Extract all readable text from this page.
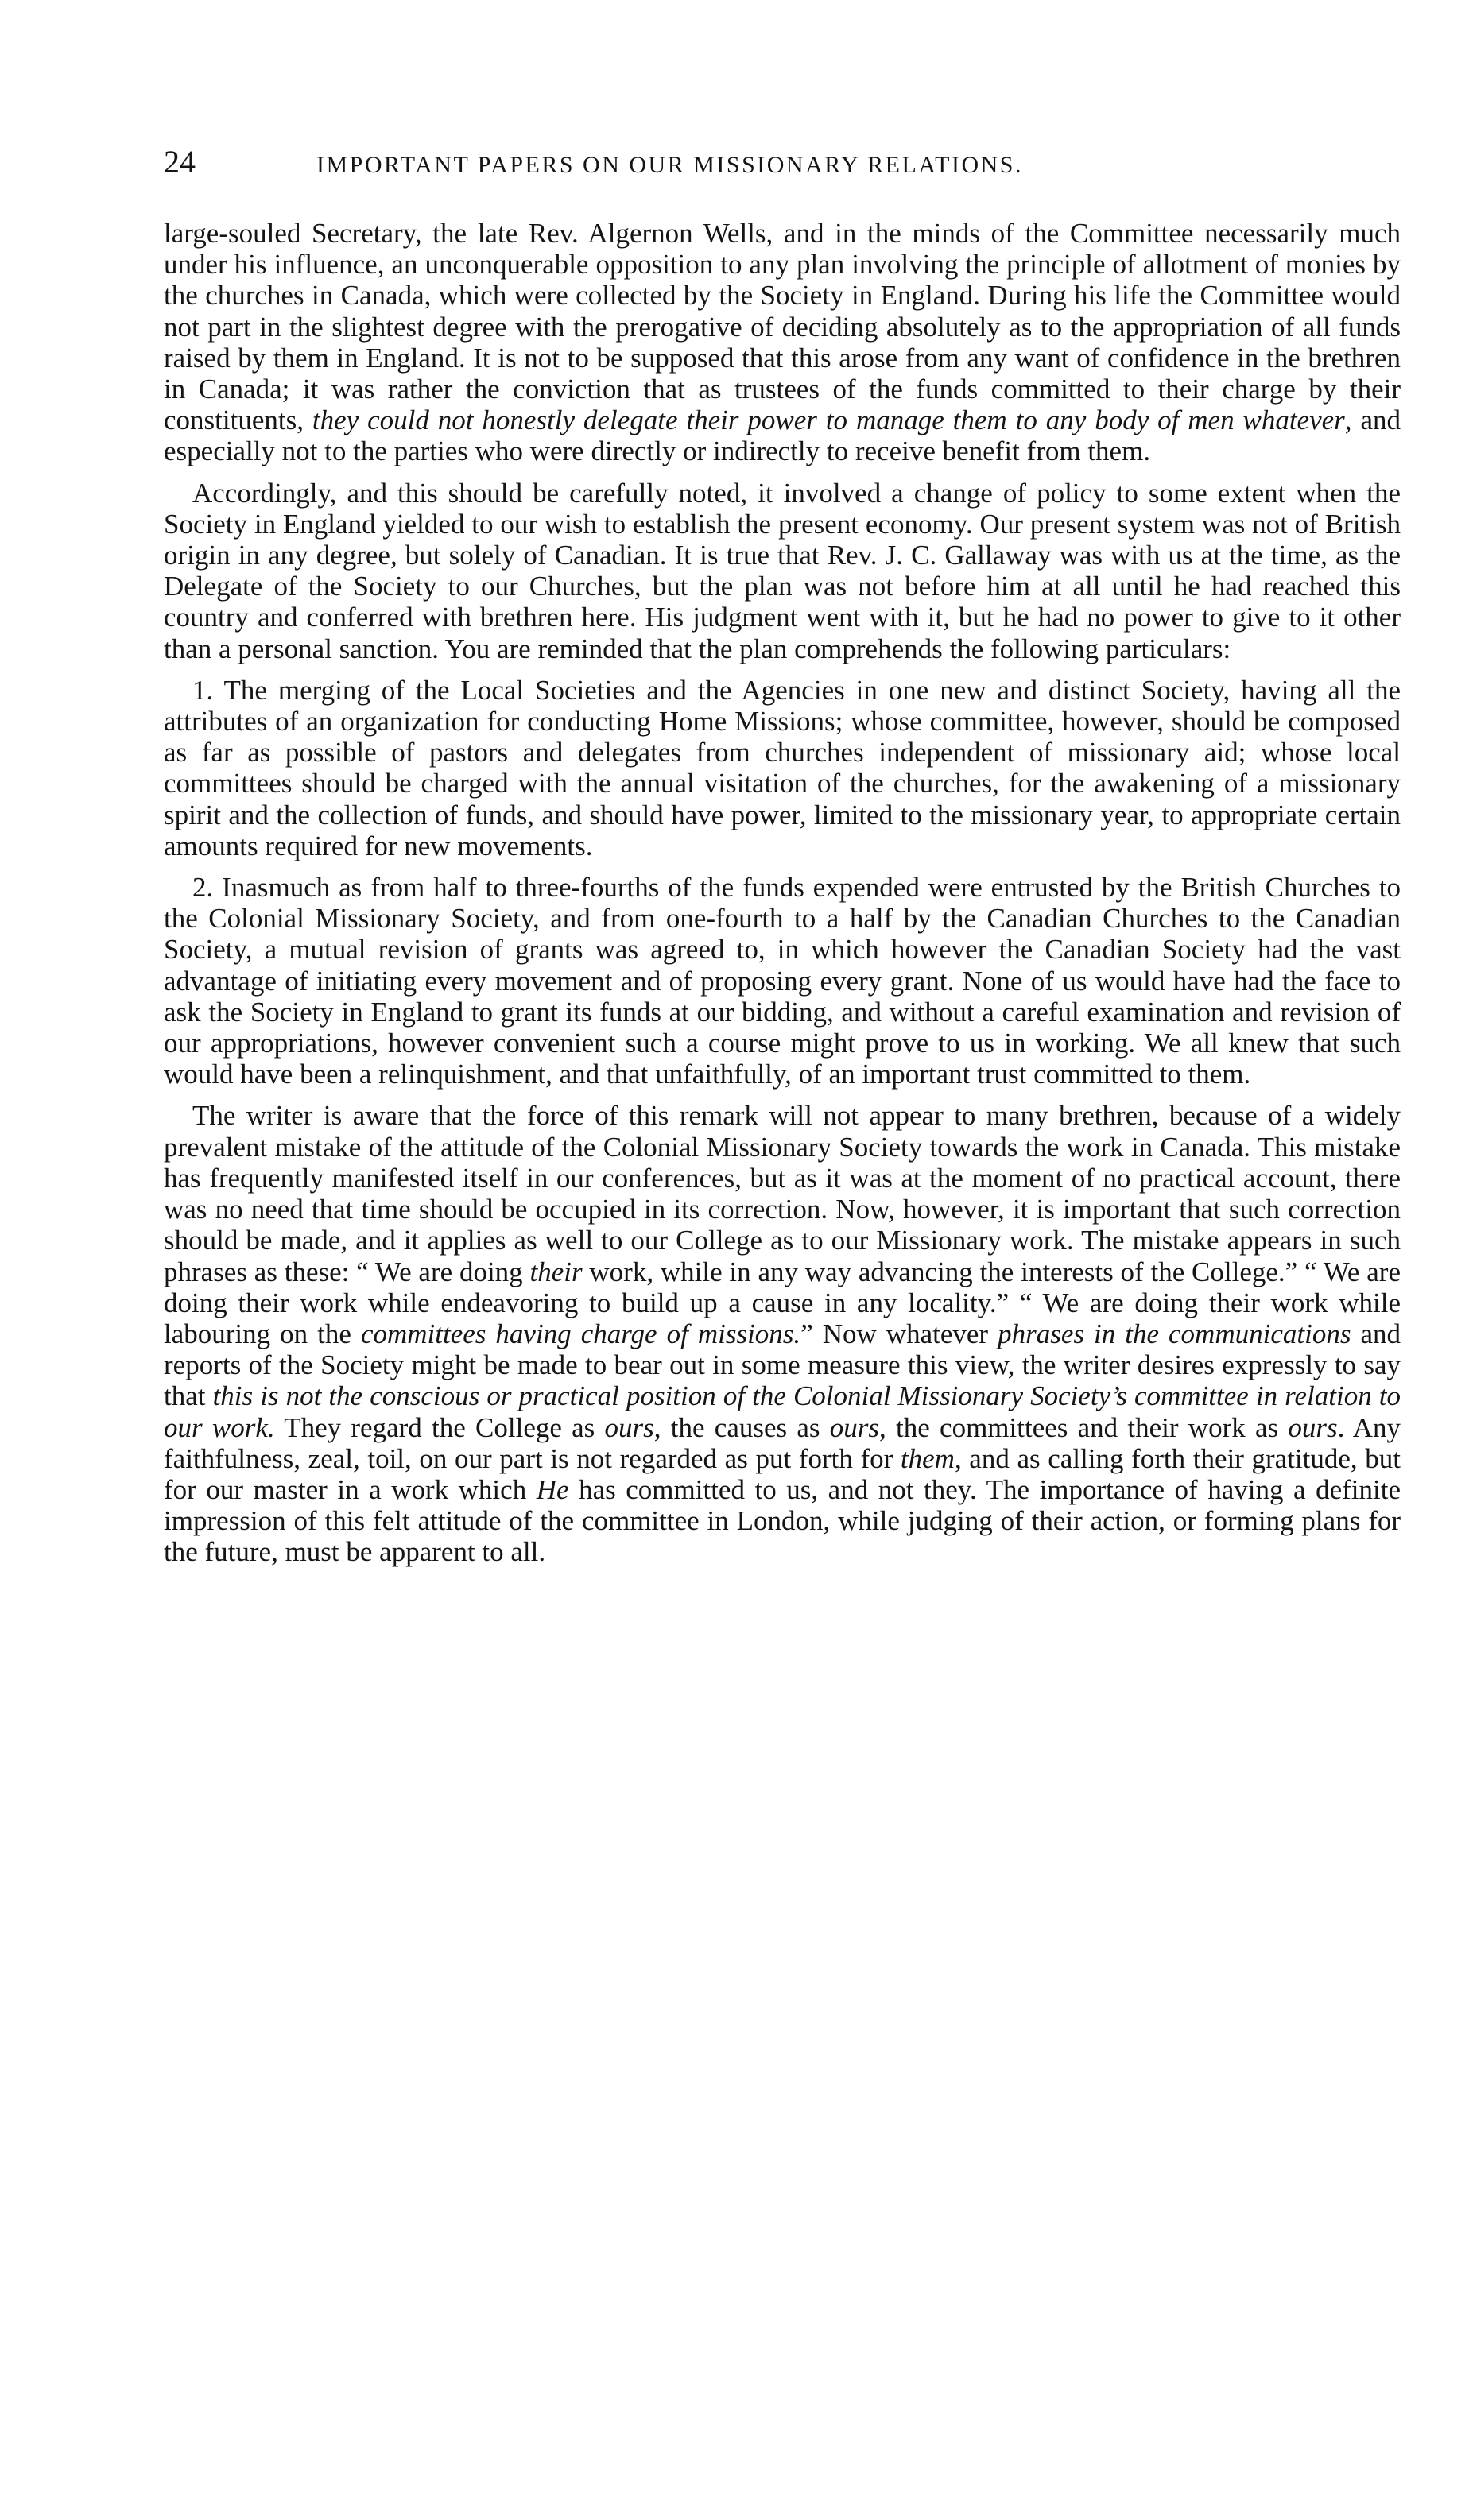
24	IMPORTANT PAPERS ON OUR MISSIONARY RELATIONS.

large-souled Secretary, the late Rev. Algernon Wells, and in the minds of the Committee necessarily much under his influence, an unconquerable opposition to any plan involving the principle of allotment of monies by the churches in Canada, which were collected by the Society in England. During his life the Committee would not part in the slightest degree with the prerogative of deciding absolutely as to the appropriation of all funds raised by them in England. It is not to be supposed that this arose from any want of confidence in the brethren in Canada; it was rather the conviction that as trustees of the funds committed to their charge by their constituents, they could not honestly delegate their power to manage them to any body of men whatever, and especially not to the parties who were directly or indirectly to receive benefit from them.

Accordingly, and this should be carefully noted, it involved a change of policy to some extent when the Society in England yielded to our wish to establish the present economy. Our present system was not of British origin in any degree, but solely of Canadian. It is true that Rev. J. C. Gallaway was with us at the time, as the Delegate of the Society to our Churches, but the plan was not before him at all until he had reached this country and conferred with brethren here. His judgment went with it, but he had no power to give to it other than a personal sanction. You are reminded that the plan comprehends the following particulars:

1. The merging of the Local Societies and the Agencies in one new and distinct Society, having all the attributes of an organization for conducting Home Missions; whose committee, however, should be composed as far as possible of pastors and delegates from churches independent of missionary aid; whose local committees should be charged with the annual visitation of the churches, for the awakening of a missionary spirit and the collection of funds, and should have power, limited to the missionary year, to appropriate certain amounts required for new movements.

2. Inasmuch as from half to three-fourths of the funds expended were entrusted by the British Churches to the Colonial Missionary Society, and from one-fourth to a half by the Canadian Churches to the Canadian Society, a mutual revision of grants was agreed to, in which however the Canadian Society had the vast advantage of initiating every movement and of proposing every grant. None of us would have had the face to ask the Society in England to grant its funds at our bidding, and without a careful examination and revision of our appropriations, however convenient such a course might prove to us in working. We all knew that such would have been a relinquishment, and that unfaithfully, of an important trust committed to them.

The writer is aware that the force of this remark will not appear to many brethren, because of a widely prevalent mistake of the attitude of the Colonial Missionary Society towards the work in Canada. This mistake has frequently manifested itself in our conferences, but as it was at the moment of no practical account, there was no need that time should be occupied in its correction. Now, however, it is important that such correction should be made, and it applies as well to our College as to our Missionary work. The mistake appears in such phrases as these: “ We are doing their work, while in any way advancing the interests of the College.” “ We are doing their work while endeavoring to build up a cause in any locality.” “ We are doing their work while labouring on the committees having charge of missions.” Now whatever phrases in the communications and reports of the Society might be made to bear out in some measure this view, the writer desires expressly to say that this is not the conscious or practical position of the Colonial Missionary Society’s committee in relation to our work. They regard the College as ours, the causes as ours, the committees and their work as ours. Any faithfulness, zeal, toil, on our part is not regarded as put forth for them, and as calling forth their gratitude, but for our master in a work which He has committed to us, and not they. The importance of having a definite impression of this felt attitude of the committee in London, while judging of their action, or forming plans for the future, must be apparent to all.
